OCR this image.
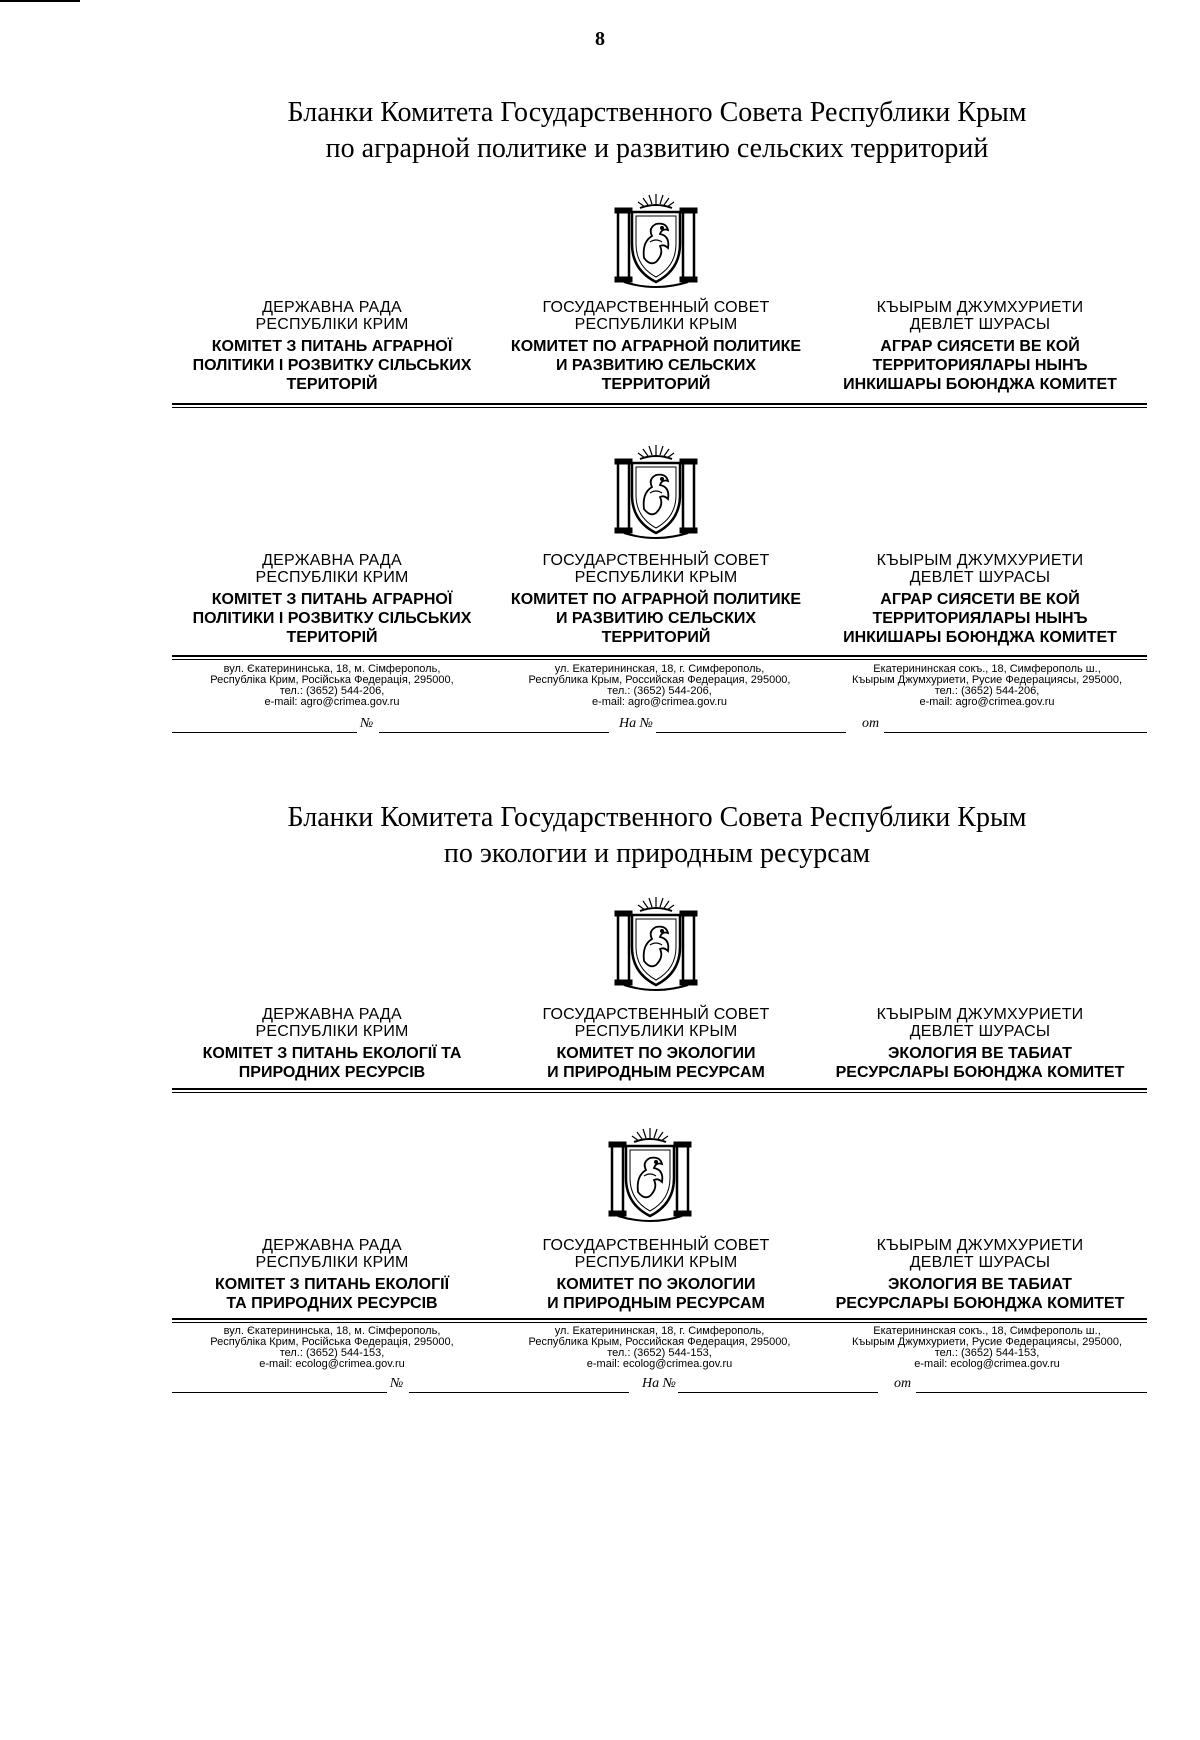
8
Бланки Комитета Государственного Совета Республики Крым
по аграрной политике и развитию сельских территорий
ДЕРЖАВНА РАДА
РЕСПУБЛІКИ КРИМ
КОМІТЕТ З ПИТАНЬ АГРАРНОЇ
ПОЛІТИКИ І РОЗВИТКУ СІЛЬСЬКИХ
ТЕРИТОРІЙ
ГОСУДАРСТВЕННЫЙ СОВЕТ
РЕСПУБЛИКИ КРЫМ
КОМИТЕТ ПО АГРАРНОЙ ПОЛИТИКЕ
И РАЗВИТИЮ СЕЛЬСКИХ
ТЕРРИТОРИЙ
КЪЫРЫМ ДЖУМХУРИЕТИ
ДЕВЛЕТ ШУРАСЫ
АГРАР СИЯСЕТИ ВЕ КОЙ
ТЕРРИТОРИЯЛАРЫ НЫНЪ
ИНКИШАРЫ БОЮНДЖА КОМИТЕТ
ДЕРЖАВНА РАДА
РЕСПУБЛІКИ КРИМ
КОМІТЕТ З ПИТАНЬ АГРАРНОЇ
ПОЛІТИКИ І РОЗВИТКУ СІЛЬСЬКИХ
ТЕРИТОРІЙ
ГОСУДАРСТВЕННЫЙ СОВЕТ
РЕСПУБЛИКИ КРЫМ
КОМИТЕТ ПО АГРАРНОЙ ПОЛИТИКЕ
И РАЗВИТИЮ СЕЛЬСКИХ
ТЕРРИТОРИЙ
КЪЫРЫМ ДЖУМХУРИЕТИ
ДЕВЛЕТ ШУРАСЫ
АГРАР СИЯСЕТИ ВЕ КОЙ
ТЕРРИТОРИЯЛАРЫ НЫНЪ
ИНКИШАРЫ БОЮНДЖА КОМИТЕТ
вул. Єкатерининська, 18, м. Сімферополь,
Республіка Крим, Російська Федерація, 295000,
тел.: (3652) 544-206,
e-mail: agro@crimea.gov.ru
ул. Екатерининская, 18, г. Симферополь,
Республика Крым, Российская Федерация, 295000,
тел.: (3652) 544-206,
e-mail: agro@crimea.gov.ru
Екатерининская сокъ., 18, Симферополь ш.,
Къырым Джумхуриети, Русие Федерациясы, 295000,
тел.: (3652) 544-206,
e-mail: agro@crimea.gov.ru
№	На №	от
Бланки Комитета Государственного Совета Республики Крым
по экологии и природным ресурсам
ДЕРЖАВНА РАДА
РЕСПУБЛІКИ КРИМ
КОМІТЕТ З ПИТАНЬ ЕКОЛОГІЇ ТА
ПРИРОДНИХ РЕСУРСІВ
ГОСУДАРСТВЕННЫЙ СОВЕТ
РЕСПУБЛИКИ КРЫМ
КОМИТЕТ ПО ЭКОЛОГИИ
И ПРИРОДНЫМ РЕСУРСАМ
КЪЫРЫМ ДЖУМХУРИЕТИ
ДЕВЛЕТ ШУРАСЫ
ЭКОЛОГИЯ ВЕ ТАБИАТ
РЕСУРСЛАРЫ БОЮНДЖА КОМИТЕТ
ДЕРЖАВНА РАДА
РЕСПУБЛІКИ КРИМ
КОМІТЕТ З ПИТАНЬ ЕКОЛОГІЇ
ТА ПРИРОДНИХ РЕСУРСІВ
ГОСУДАРСТВЕННЫЙ СОВЕТ
РЕСПУБЛИКИ КРЫМ
КОМИТЕТ ПО ЭКОЛОГИИ
И ПРИРОДНЫМ РЕСУРСАМ
КЪЫРЫМ ДЖУМХУРИЕТИ
ДЕВЛЕТ ШУРАСЫ
ЭКОЛОГИЯ ВЕ ТАБИАТ
РЕСУРСЛАРЫ БОЮНДЖА КОМИТЕТ
вул. Єкатерининська, 18, м. Сімферополь,
Республіка Крим, Російська Федерація, 295000,
тел.: (3652) 544-153,
e-mail: ecolog@crimea.gov.ru
ул. Екатерининская, 18, г. Симферополь,
Республика Крым, Российская Федерация, 295000,
тел.: (3652) 544-153,
e-mail: ecolog@crimea.gov.ru
Екатерининская сокъ., 18, Симферополь ш.,
Къырым Джумхуриети, Русие Федерациясы, 295000,
тел.: (3652) 544-153,
e-mail: ecolog@crimea.gov.ru
№	На №	от
